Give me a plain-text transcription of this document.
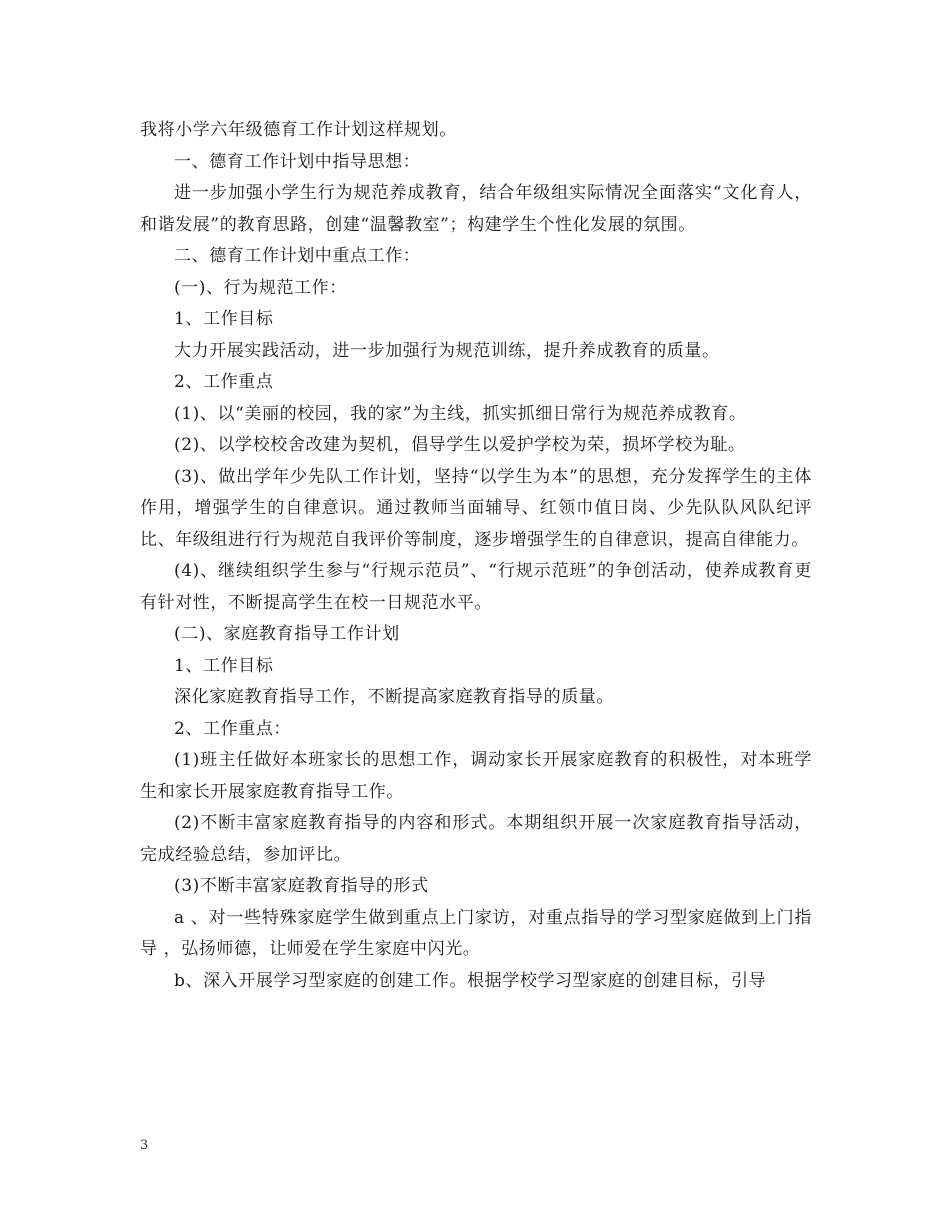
我将小学六年级德育工作计划这样规划。

一、德育工作计划中指导思想：

进一步加强小学生行为规范养成教育，结合年级组实际情况全面落实“文化育人，和谐发展”的教育思路，创建“温馨教室”；构建学生个性化发展的氛围。

二、德育工作计划中重点工作：

(一)、行为规范工作：

1、工作目标

大力开展实践活动，进一步加强行为规范训练，提升养成教育的质量。

2、工作重点

(1)、以“美丽的校园，我的家”为主线，抓实抓细日常行为规范养成教育。

(2)、以学校校舍改建为契机，倡导学生以爱护学校为荣，损坏学校为耻。

(3)、做出学年少先队工作计划，坚持“以学生为本”的思想，充分发挥学生的主体作用，增强学生的自律意识。通过教师当面辅导、红领巾值日岗、少先队队风队纪评比、年级组进行行为规范自我评价等制度，逐步增强学生的自律意识，提高自律能力。

(4)、继续组织学生参与“行规示范员”、“行规示范班”的争创活动，使养成教育更有针对性，不断提高学生在校一日规范水平。

(二)、家庭教育指导工作计划

1、工作目标

深化家庭教育指导工作，不断提高家庭教育指导的质量。

2、工作重点：

(1)班主任做好本班家长的思想工作，调动家长开展家庭教育的积极性，对本班学生和家长开展家庭教育指导工作。

(2)不断丰富家庭教育指导的内容和形式。本期组织开展一次家庭教育指导活动，完成经验总结，参加评比。

(3)不断丰富家庭教育指导的形式

a 、对一些特殊家庭学生做到重点上门家访，对重点指导的学习型家庭做到上门指导 ，弘扬师德，让师爱在学生家庭中闪光。

b、深入开展学习型家庭的创建工作。根据学校学习型家庭的创建目标，引导

3
